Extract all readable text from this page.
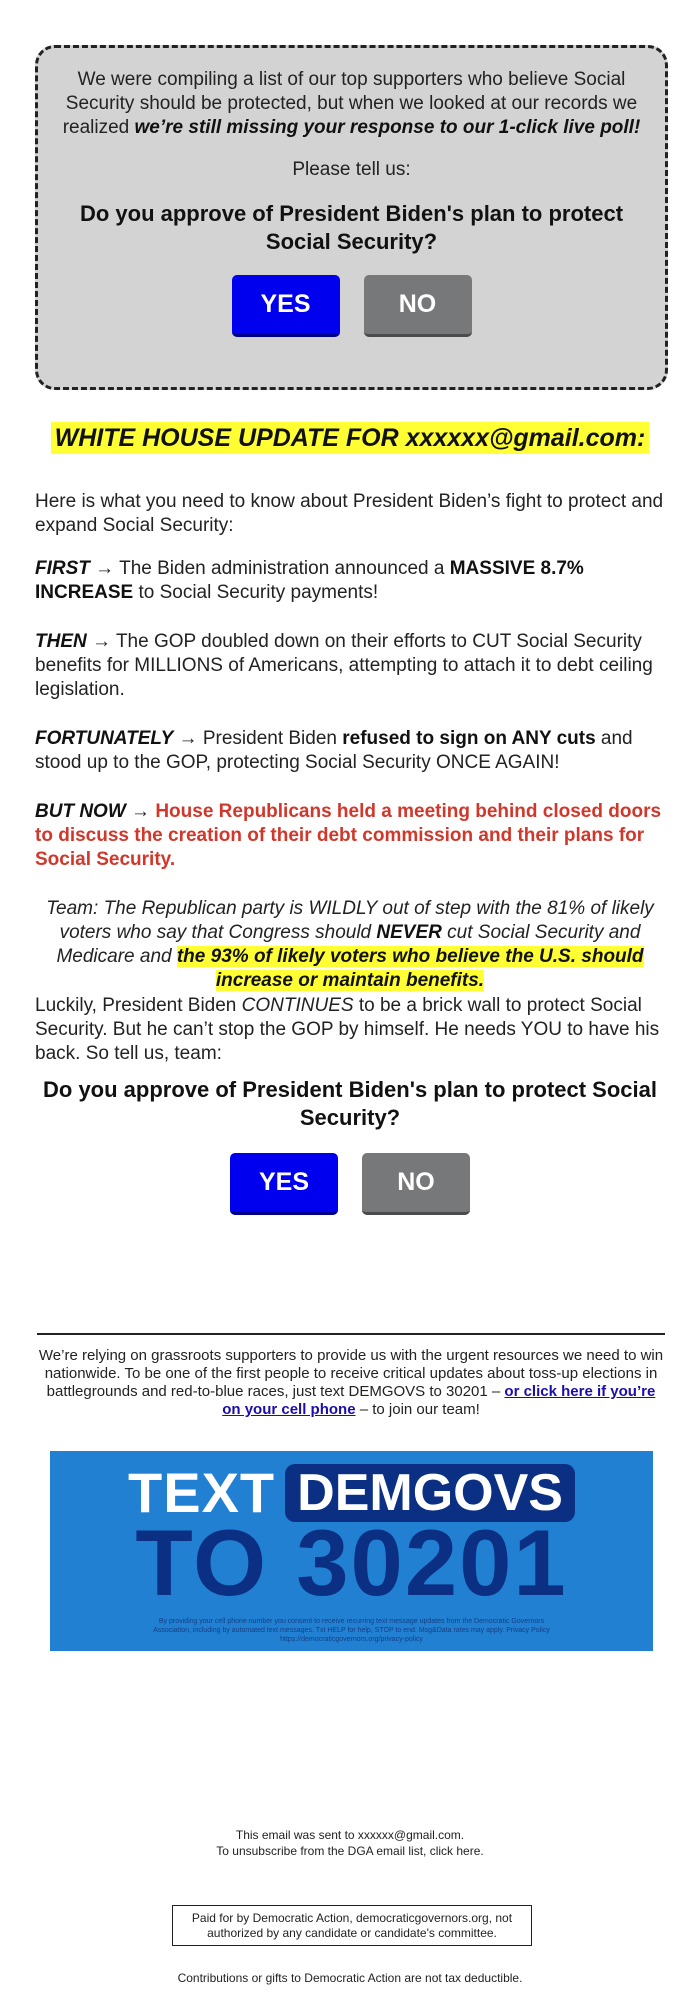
We were compiling a list of our top supporters who believe Social Security should be protected, but when we looked at our records we realized we’re still missing your response to our 1-click live poll!

Please tell us:

Do you approve of President Biden's plan to protect Social Security?

YES	NO
WHITE HOUSE UPDATE FOR xxxxxx@gmail.com:

Here is what you need to know about President Biden’s fight to protect and expand Social Security:

FIRST → The Biden administration announced a MASSIVE 8.7% INCREASE to Social Security payments!

THEN → The GOP doubled down on their efforts to CUT Social Security benefits for MILLIONS of Americans, attempting to attach it to debt ceiling legislation.

FORTUNATELY → President Biden refused to sign on ANY cuts and stood up to the GOP, protecting Social Security ONCE AGAIN!

BUT NOW → House Republicans held a meeting behind closed doors to discuss the creation of their debt commission and their plans for Social Security.

Team: The Republican party is WILDLY out of step with the 81% of likely voters who say that Congress should NEVER cut Social Security and Medicare and the 93% of likely voters who believe the U.S. should increase or maintain benefits.

Luckily, President Biden CONTINUES to be a brick wall to protect Social Security. But he can’t stop the GOP by himself. He needs YOU to have his back. So tell us, team:

Do you approve of President Biden's plan to protect Social Security?

YES	NO
We’re relying on grassroots supporters to provide us with the urgent resources we need to win nationwide. To be one of the first people to receive critical updates about toss-up elections in battlegrounds and red-to-blue races, just text DEMGOVS to 30201 – or click here if you’re on your cell phone – to join our team!
TEXT DEMGOVS
TO 30201
By providing your cell phone number you consent to receive recurring text message updates from the Democratic Governors Association, including by automated text messages. Txt HELP for help, STOP to end. Msg&Data rates may apply. Privacy Policy https://democraticgovernors.org/privacy-policy
This email was sent to xxxxxx@gmail.com.
To unsubscribe from the DGA email list, click here.
Paid for by Democratic Action, democraticgovernors.org, not authorized by any candidate or candidate's committee.
Contributions or gifts to Democratic Action are not tax deductible.
